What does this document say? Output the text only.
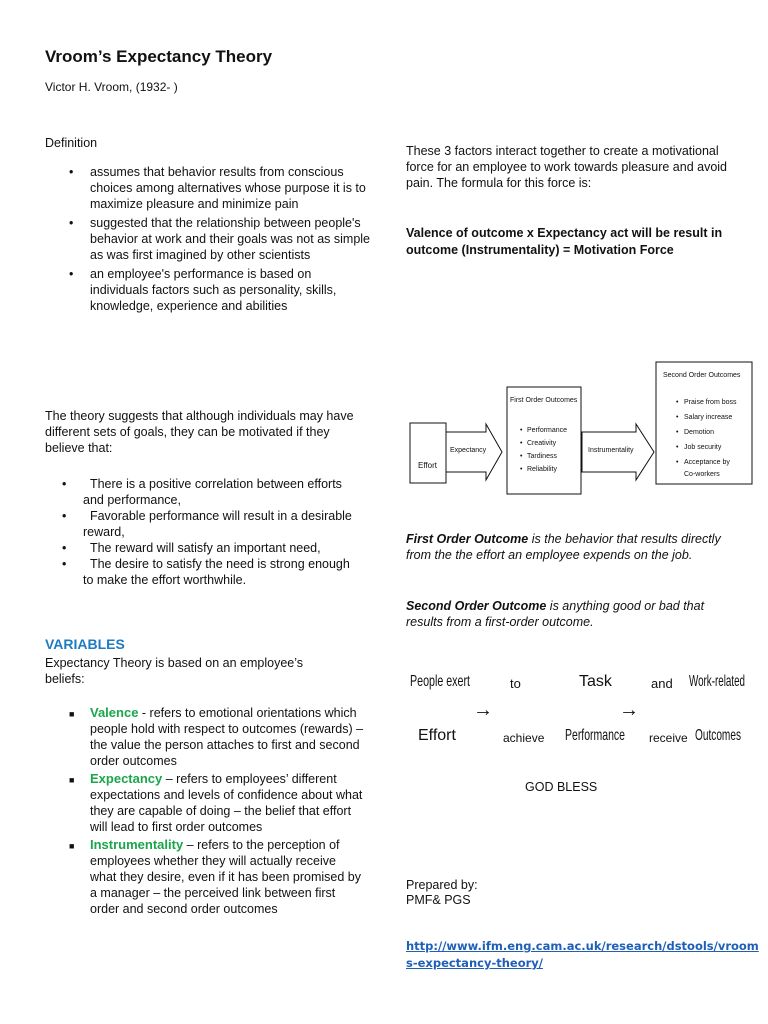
Vroom’s Expectancy Theory
Victor H. Vroom, (1932- )
Definition
• assumes that behavior results from conscious choices among alternatives whose purpose it is to maximize pleasure and minimize pain
• suggested that the relationship between people's behavior at work and their goals was not as simple as was first imagined by other scientists
• an employee's performance is based on individuals factors such as personality, skills, knowledge, experience and abilities
The theory suggests that although individuals may have different sets of goals, they can be motivated if they believe that:
• There is a positive correlation between efforts and performance,
• Favorable performance will result in a desirable reward,
• The reward will satisfy an important need,
• The desire to satisfy the need is strong enough to make the effort worthwhile.
VARIABLES
Expectancy Theory is based on an employee’s beliefs:
■ Valence - refers to emotional orientations which people hold with respect to outcomes (rewards) – the value the person attaches to first and second order outcomes
■ Expectancy – refers to employees’ different expectations and levels of confidence about what they are capable of doing – the belief that effort will lead to first order outcomes
■ Instrumentality – refers to the perception of employees whether they will actually receive what they desire, even if it has been promised by a manager – the perceived link between first order and second order outcomes
These 3 factors interact together to create a motivational force for an employee to work towards pleasure and avoid pain. The formula for this force is:
Valence of outcome x Expectancy act will be result in outcome (Instrumentality) = Motivation Force
Effort
Expectancy
First Order Outcomes
• Performance
• Creativity
• Tardiness
• Reliability
Instrumentality
Second Order Outcomes
• Praise from boss
• Salary increase
• Demotion
• Job security
• Acceptance by
Co-workers
First Order Outcome is the behavior that results directly from the the effort an employee expends on the job.
Second Order Outcome is anything good or bad that results from a first-order outcome.
People exert	to	Task	and Work-related
→	→
Effort	achieve Performance receive Outcomes
GOD BLESS
Prepared by:
PMF& PGS
http://www.ifm.eng.cam.ac.uk/research/dstools/vroom
s-expectancy-theory/
